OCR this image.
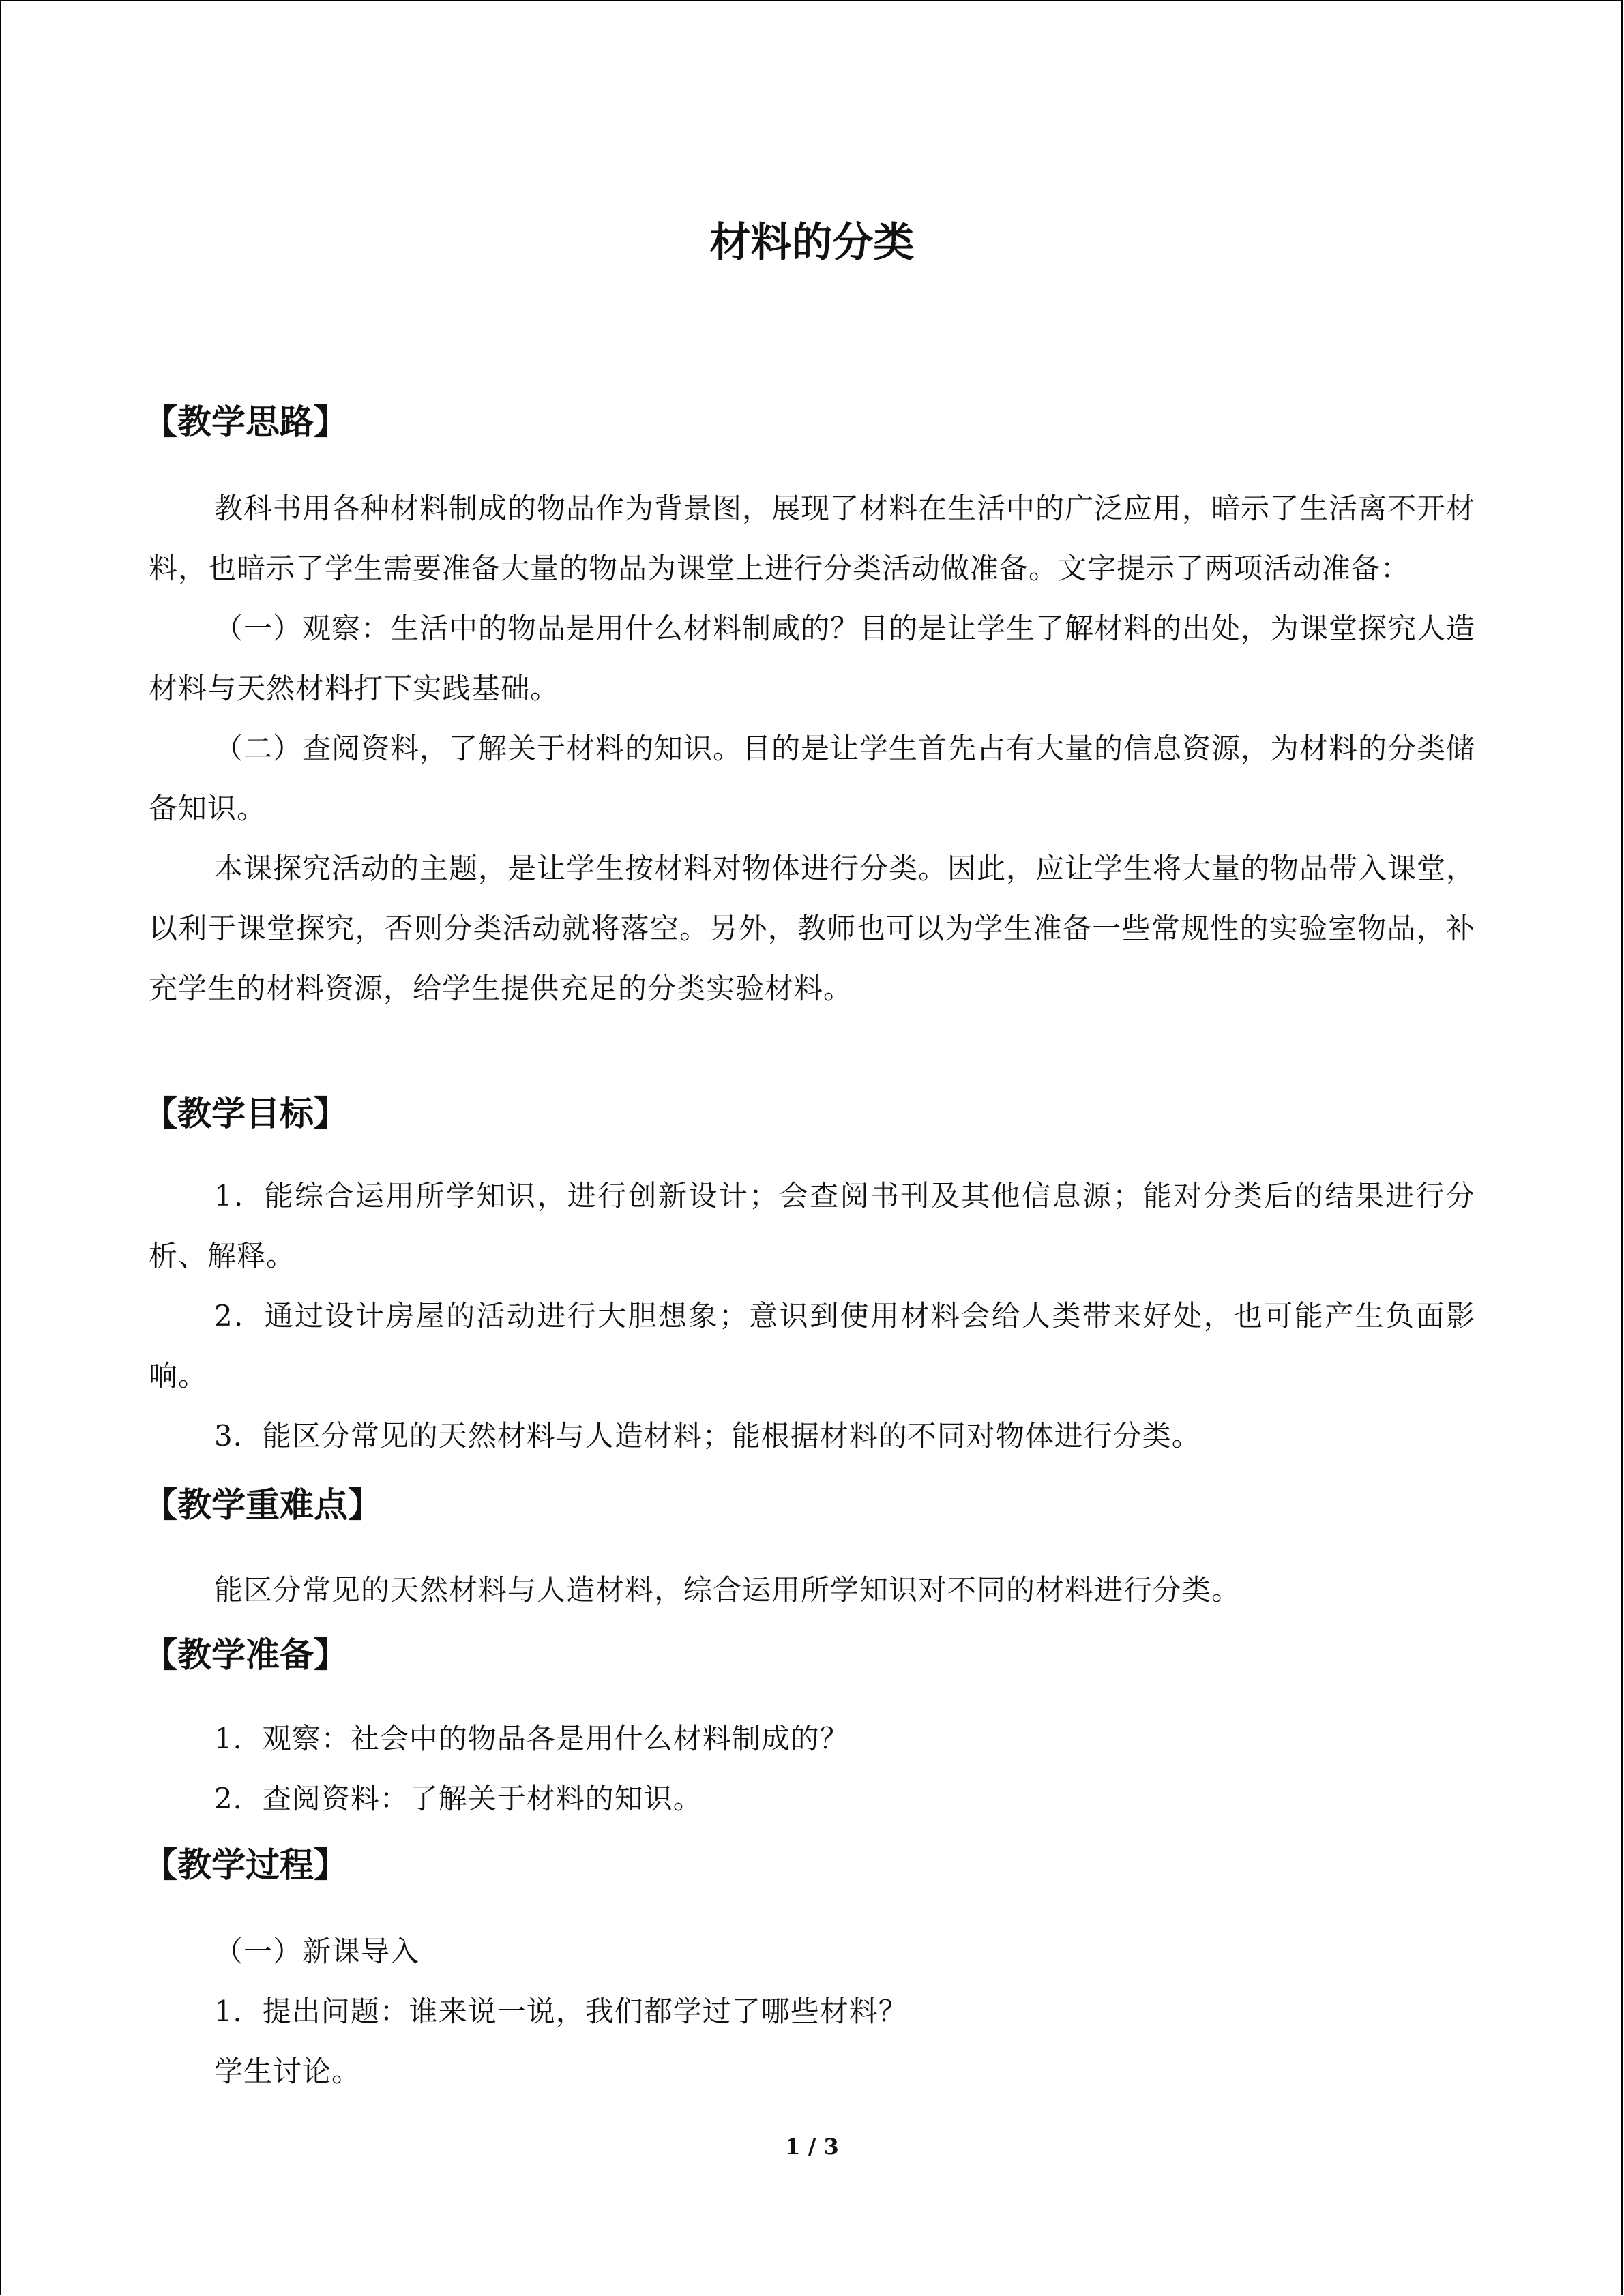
材料的分类
【教学思路】
教科书用各种材料制成的物品作为背景图，展现了材料在生活中的广泛应用，暗示了生活离不开材料，也暗示了学生需要准备大量的物品为课堂上进行分类活动做准备。文字提示了两项活动准备：
（一）观察：生活中的物品是用什么材料制咸的？目的是让学生了解材料的出处，为课堂探究人造材料与天然材料打下实践基础。
（二）查阅资料，了解关于材料的知识。目的是让学生首先占有大量的信息资源，为材料的分类储备知识。
本课探究活动的主题，是让学生按材料对物体进行分类。因此，应让学生将大量的物品带入课堂，以利于课堂探究，否则分类活动就将落空。另外，教师也可以为学生准备一些常规性的实验室物品，补充学生的材料资源，给学生提供充足的分类实验材料。
【教学目标】
1．能综合运用所学知识，进行创新设计；会查阅书刊及其他信息源；能对分类后的结果进行分析、解释。
2．通过设计房屋的活动进行大胆想象；意识到使用材料会给人类带来好处，也可能产生负面影响。
3．能区分常见的天然材料与人造材料；能根据材料的不同对物体进行分类。
【教学重难点】
能区分常见的天然材料与人造材料，综合运用所学知识对不同的材料进行分类。
【教学准备】
1．观察：社会中的物品各是用什么材料制成的？
2．查阅资料：了解关于材料的知识。
【教学过程】
（一）新课导入
1．提出问题：谁来说一说，我们都学过了哪些材料？
学生讨论。
1 / 3
